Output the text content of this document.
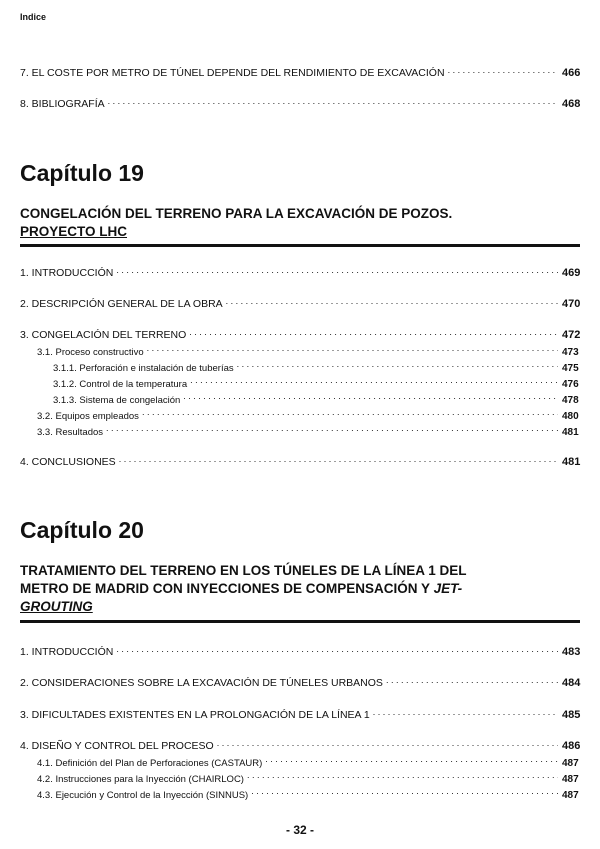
Indice
7. EL COSTE POR METRO DE TÚNEL DEPENDE DEL RENDIMIENTO DE EXCAVACIÓN . . .	466
8. BIBLIOGRAFÍA . . .	468
Capítulo 19
CONGELACIÓN DEL TERRENO PARA LA EXCAVACIÓN DE POZOS.
PROYECTO LHC
1. INTRODUCCIÓN . . .	469
2. DESCRIPCIÓN GENERAL DE LA OBRA . . .	470
3. CONGELACIÓN DEL TERRENO . . .	472
3.1. Proceso constructivo . . .	473
3.1.1. Perforación e instalación de tuberías . . .	475
3.1.2. Control de la temperatura . . .	476
3.1.3. Sistema de congelación . . .	478
3.2. Equipos empleados . . .	480
3.3. Resultados . . .	481
4. CONCLUSIONES . . .	481
Capítulo 20
TRATAMIENTO DEL TERRENO EN LOS TÚNELES DE LA LÍNEA 1 DEL
METRO DE MADRID CON INYECCIONES DE COMPENSACIÓN Y JET-
GROUTING
1. INTRODUCCIÓN . . .	483
2. CONSIDERACIONES SOBRE LA EXCAVACIÓN DE TÚNELES URBANOS . . .	484
3. DIFICULTADES EXISTENTES EN LA PROLONGACIÓN DE LA LÍNEA 1 . . .	485
4. DISEÑO Y CONTROL DEL PROCESO . . .	486
4.1. Definición del Plan de Perforaciones (CASTAUR) . . .	487
4.2. Instrucciones para la Inyección (CHAIRLOC) . . .	487
4.3. Ejecución y Control de la Inyección (SINNUS) . . .	487
- 32 -
